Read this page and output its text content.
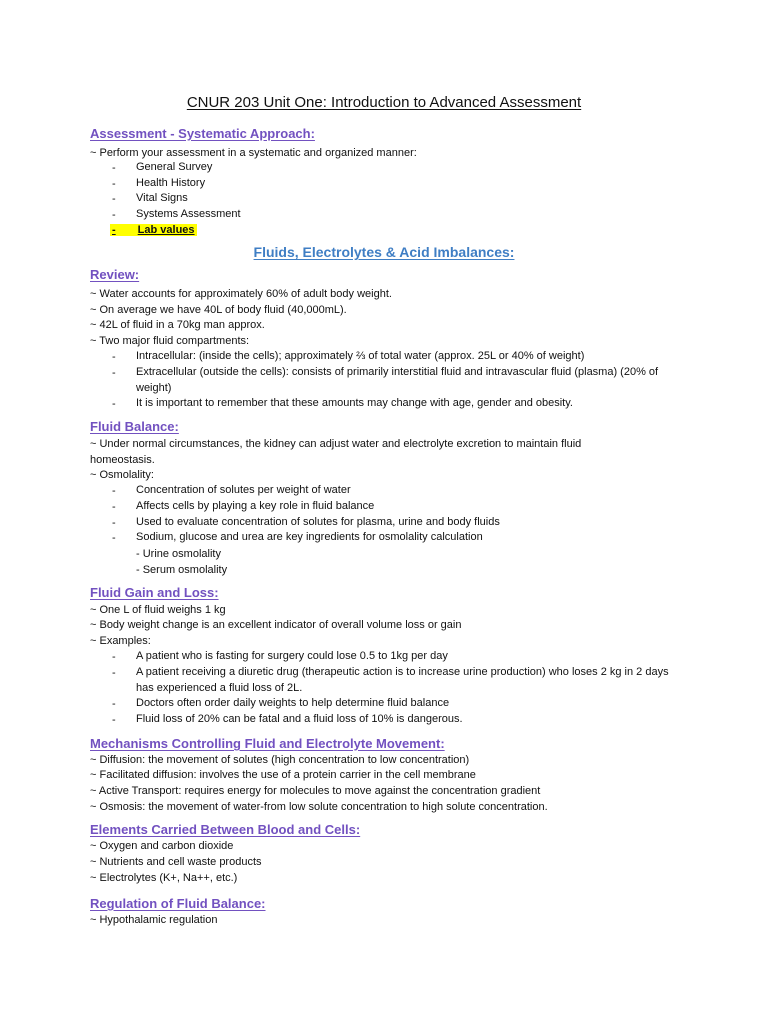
CNUR 203 Unit One: Introduction to Advanced Assessment
Assessment - Systematic Approach:
~ Perform your assessment in a systematic and organized manner:
- General Survey
- Health History
- Vital Signs
- Systems Assessment
- Lab values
Fluids, Electrolytes & Acid Imbalances:
Review:
~ Water accounts for approximately 60% of adult body weight.
~ On average we have 40L of body fluid (40,000mL).
~ 42L of fluid in a 70kg man approx.
~ Two major fluid compartments:
- Intracellular: (inside the cells); approximately ⅔ of total water (approx. 25L or 40% of weight)
- Extracellular (outside the cells): consists of primarily interstitial fluid and intravascular fluid (plasma) (20% of weight)
- It is important to remember that these amounts may change with age, gender and obesity.
Fluid Balance:
~ Under normal circumstances, the kidney can adjust water and electrolyte excretion to maintain fluid homeostasis.
~ Osmolality:
- Concentration of solutes per weight of water
- Affects cells by playing a key role in fluid balance
- Used to evaluate concentration of solutes for plasma, urine and body fluids
- Sodium, glucose and urea are key ingredients for osmolality calculation
- Urine osmolality
- Serum osmolality
Fluid Gain and Loss:
~ One L of fluid weighs 1 kg
~ Body weight change is an excellent indicator of overall volume loss or gain
~ Examples:
- A patient who is fasting for surgery could lose 0.5 to 1kg per day
- A patient receiving a diuretic drug (therapeutic action is to increase urine production) who loses 2 kg in 2 days has experienced a fluid loss of 2L.
- Doctors often order daily weights to help determine fluid balance
- Fluid loss of 20% can be fatal and a fluid loss of 10% is dangerous.
Mechanisms Controlling Fluid and Electrolyte Movement:
~ Diffusion: the movement of solutes (high concentration to low concentration)
~ Facilitated diffusion: involves the use of a protein carrier in the cell membrane
~ Active Transport: requires energy for molecules to move against the concentration gradient
~ Osmosis: the movement of water-from low solute concentration to high solute concentration.
Elements Carried Between Blood and Cells:
~ Oxygen and carbon dioxide
~ Nutrients and cell waste products
~ Electrolytes (K+, Na++, etc.)
Regulation of Fluid Balance:
~ Hypothalamic regulation
